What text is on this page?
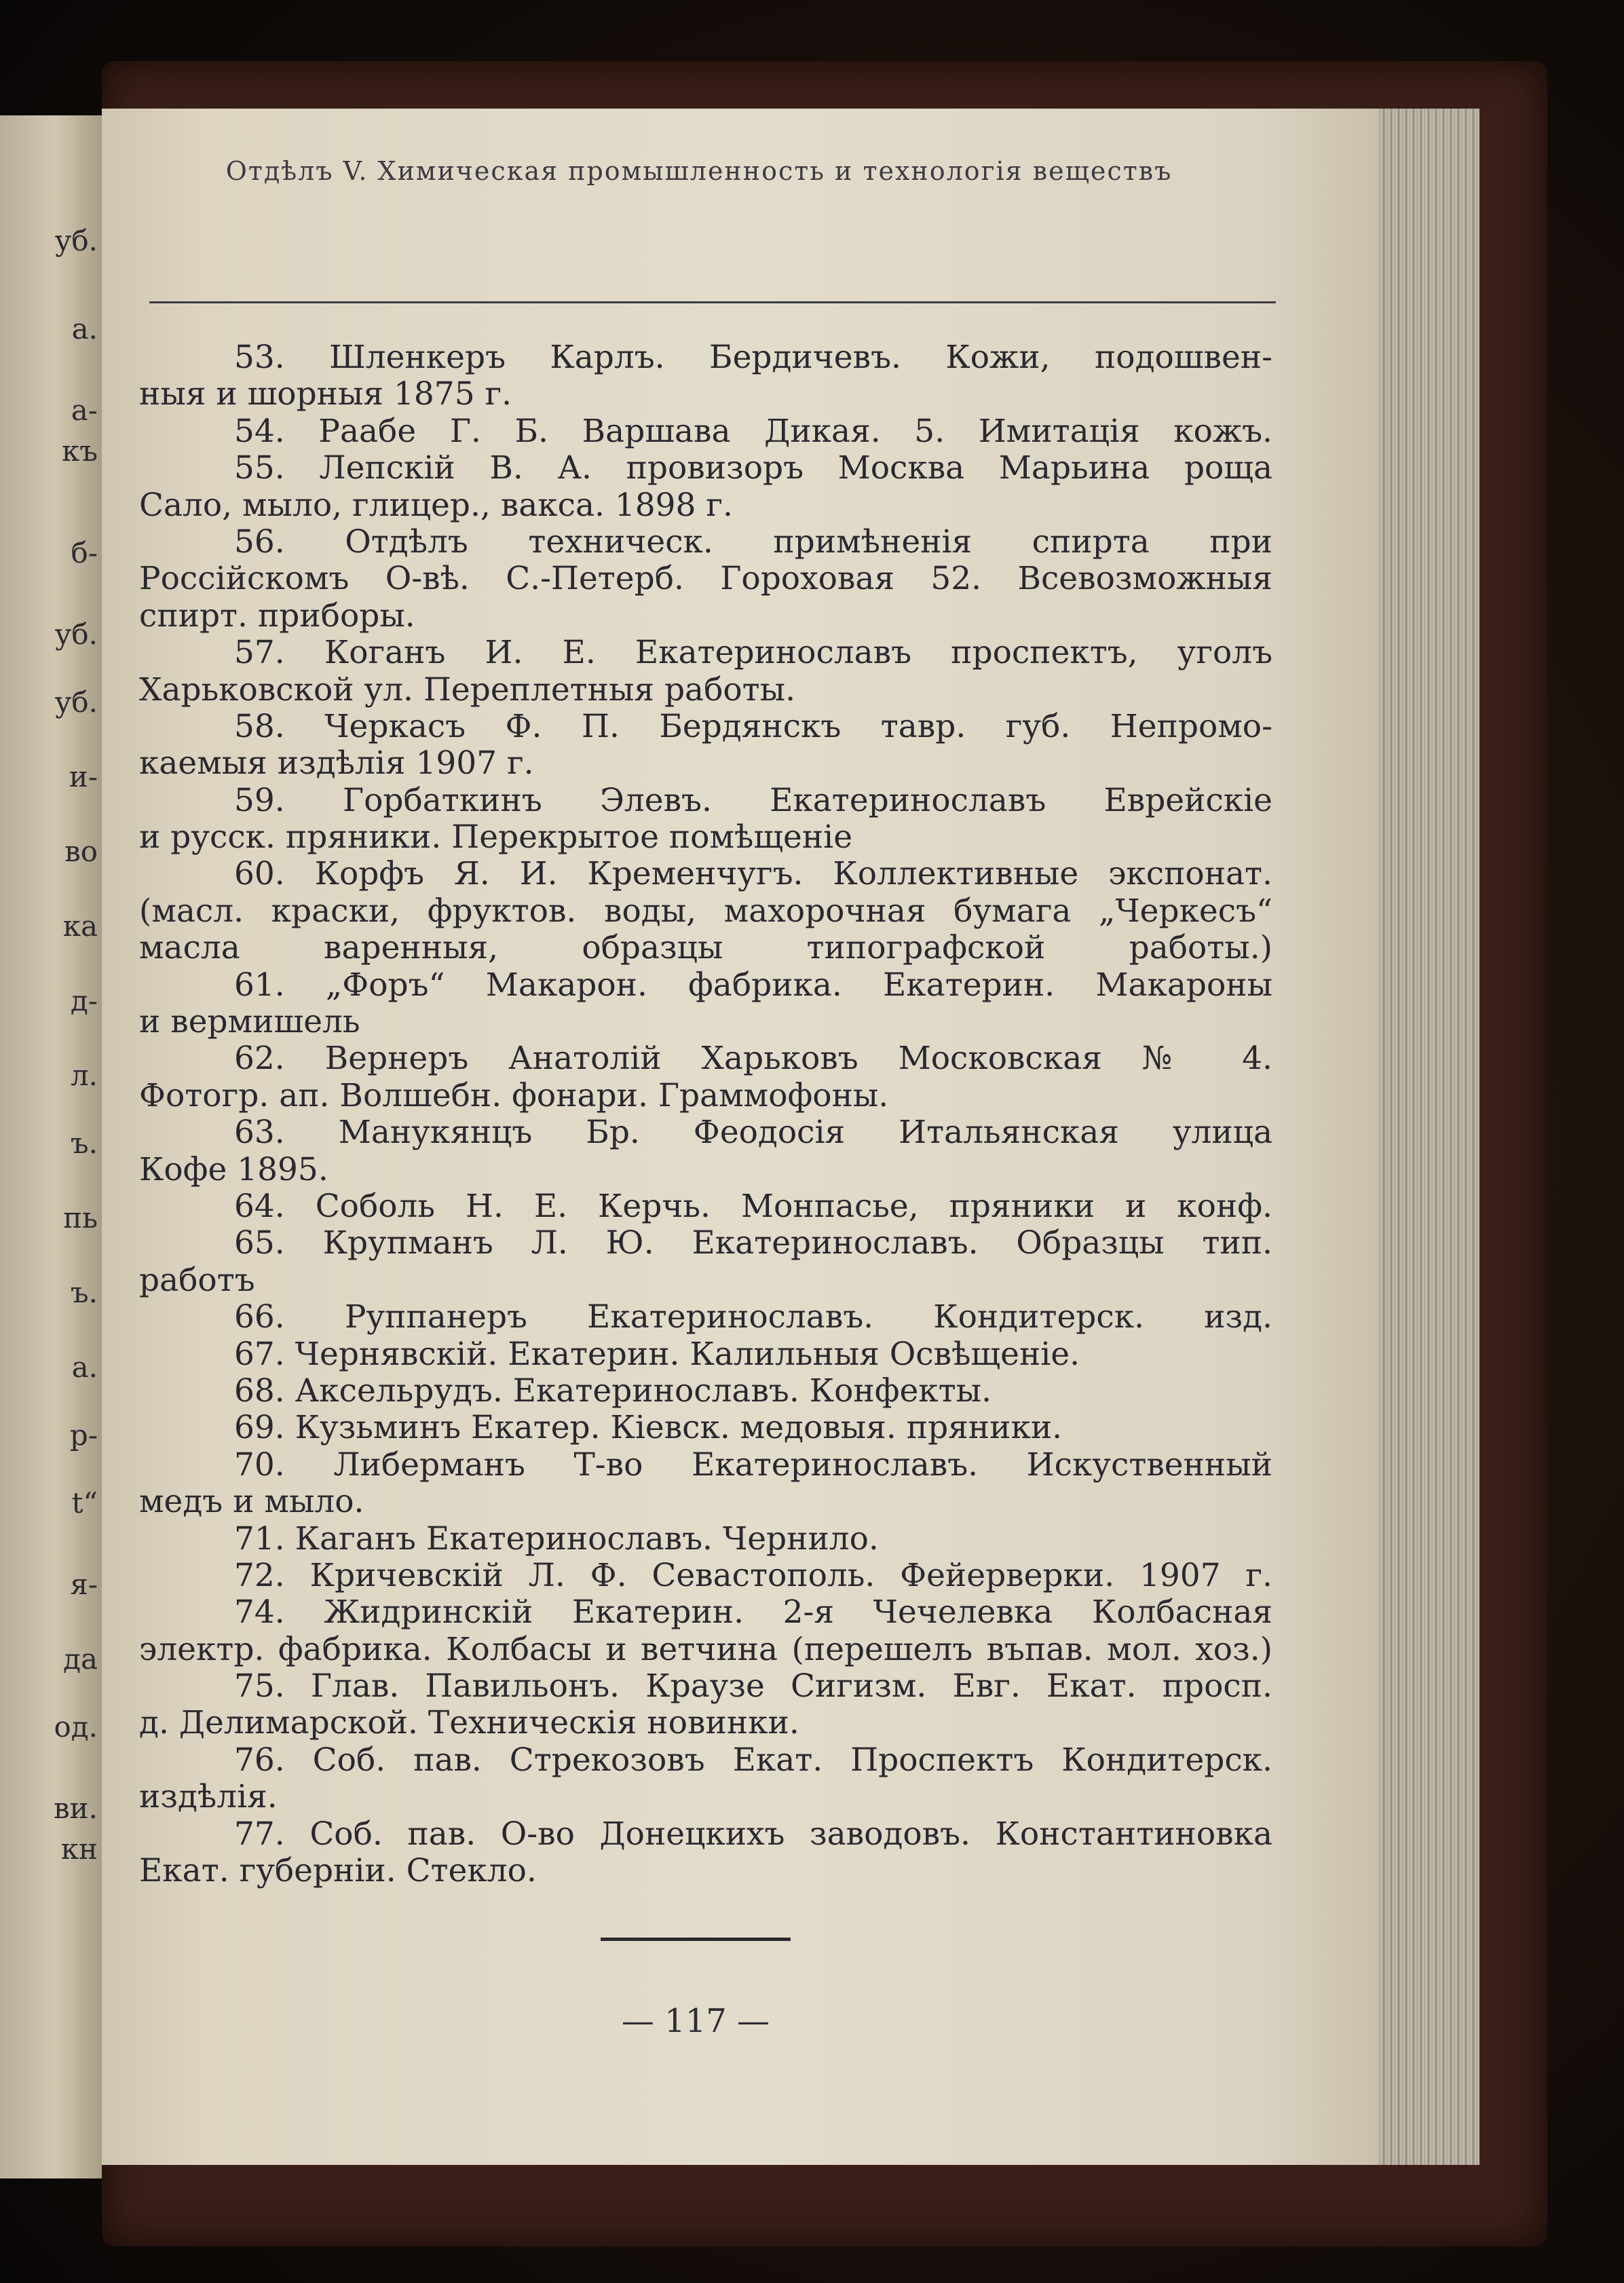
уб.
а.
а-
къ
б-
уб.
уб.
и-
во
ка
д-
л.
ъ.
пь
ъ.
а.
р-
t“
я-
да
од.
ви.
кн
Отдѣлъ V. Химическая промышленность и технологія веществъ
53. Шленкеръ Карлъ. Бердичевъ. Кожи, подошвен-
ныя и шорныя 1875 г.
54. Раабе Г. Б. Варшава Дикая. 5. Имитація кожъ.
55. Лепскій В. А. провизоръ Москва Марьина роща
Сало, мыло, глицер., вакса. 1898 г.
56. Отдѣлъ техническ. примѣненія спирта при
Россійскомъ О-вѣ. С.-Петерб. Гороховая 52. Всевозможныя
спирт. приборы.
57. Коганъ И. Е. Екатеринославъ проспектъ, уголъ
Харьковской ул. Переплетныя работы.
58. Черкасъ Ф. П. Бердянскъ тавр. губ. Непромо-
каемыя издѣлія 1907 г.
59. Горбаткинъ Элевъ. Екатеринославъ Еврейскіе
и русск. пряники. Перекрытое помѣщеніе
60. Корфъ Я. И. Кременчугъ. Коллективные экспонат.
(масл. краски, фруктов. воды, махорочная бумага „Черкесъ“
масла варенныя, образцы типографской работы.)
61. „Форъ“ Макарон. фабрика. Екатерин. Макароны
и вермишель
62. Вернеръ Анатолій Харьковъ Московская № 4.
Фотогр. ап. Волшебн. фонари. Граммофоны.
63. Манукянцъ Бр. Феодосія Итальянская улица
Кофе 1895.
64. Соболь Н. Е. Керчь. Монпасье, пряники и конф.
65. Крупманъ Л. Ю. Екатеринославъ. Образцы тип.
работъ
66. Руппанеръ Екатеринославъ. Кондитерск. изд.
67. Чернявскій. Екатерин. Калильныя Освѣщеніе.
68. Аксельрудъ. Екатеринославъ. Конфекты.
69. Кузьминъ Екатер. Кіевск. медовыя. пряники.
70. Либерманъ Т-во Екатеринославъ. Искуственный
медъ и мыло.
71. Каганъ Екатеринославъ. Чернило.
72. Кричевскій Л. Ф. Севастополь. Фейерверки. 1907 г.
74. Жидринскій Екатерин. 2-я Чечелевка Колбасная
электр. фабрика. Колбасы и ветчина (перешелъ въпав. мол. хоз.)
75. Глав. Павильонъ. Краузе Сигизм. Евг. Екат. просп.
д. Делимарской. Техническія новинки.
76. Соб. пав. Стрекозовъ Екат. Проспектъ Кондитерск.
издѣлія.
77. Соб. пав. О-во Донецкихъ заводовъ. Константиновка
Екат. губерніи. Стекло.
— 117 —
